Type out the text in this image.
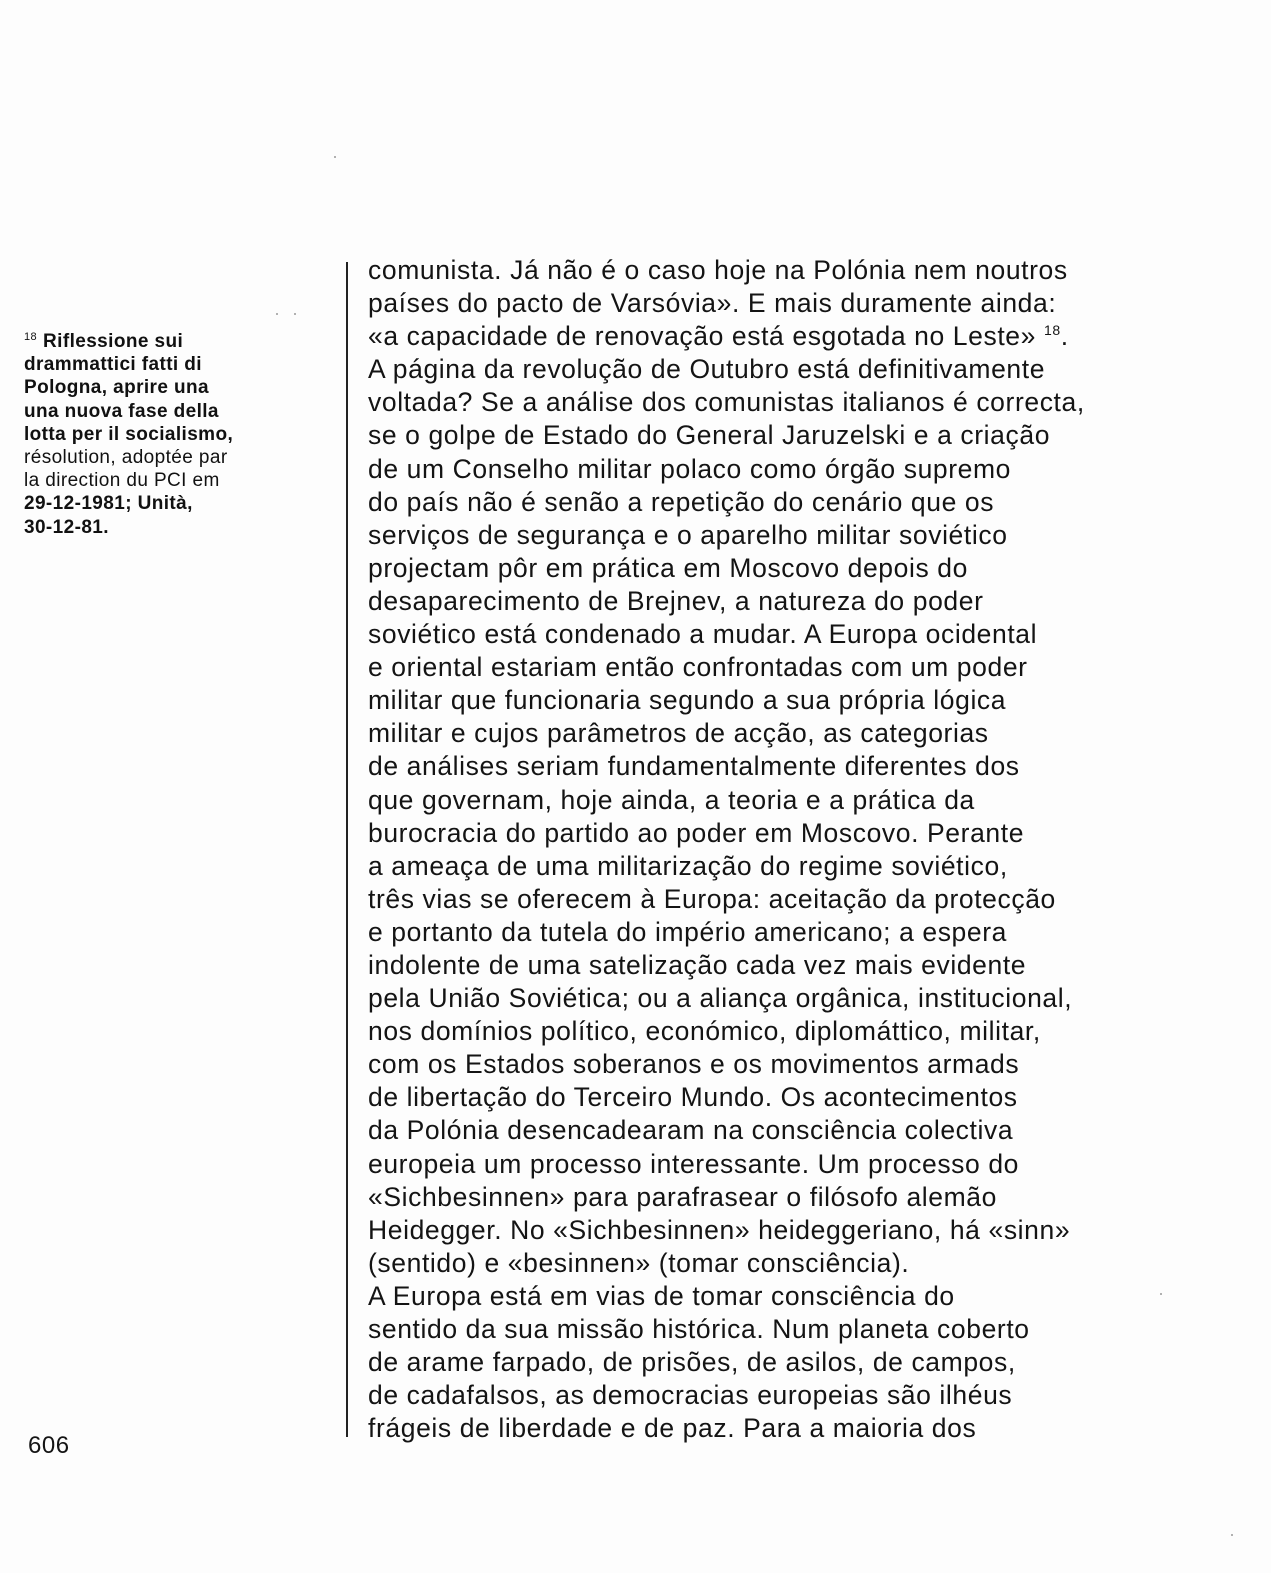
$^{18}$ Riflessione sui
drammattici fatti di
Pologna, aprire una
una nuova fase della
lotta per il socialismo,
résolution, adoptée par
la direction du PCI em
29-12-1981; Unità,
30-12-81.
comunista. Já não é o caso hoje na Polónia nem noutros
países do pacto de Varsóvia». E mais duramente ainda:
«a capacidade de renovação está esgotada no Leste» $^{18}$.
A página da revolução de Outubro está definitivamente
voltada? Se a análise dos comunistas italianos é correcta,
se o golpe de Estado do General Jaruzelski e a criação
de um Conselho militar polaco como órgão supremo
do país não é senão a repetição do cenário que os
serviços de segurança e o aparelho militar soviético
projectam pôr em prática em Moscovo depois do
desaparecimento de Brejnev, a natureza do poder
soviético está condenado a mudar. A Europa ocidental
e oriental estariam então confrontadas com um poder
militar que funcionaria segundo a sua própria lógica
militar e cujos parâmetros de acção, as categorias
de análises seriam fundamentalmente diferentes dos
que governam, hoje ainda, a teoria e a prática da
burocracia do partido ao poder em Moscovo. Perante
a ameaça de uma militarização do regime soviético,
três vias se oferecem à Europa: aceitação da protecção
e portanto da tutela do império americano; a espera
indolente de uma satelização cada vez mais evidente
pela União Soviética; ou a aliança orgânica, institucional,
nos domínios político, económico, diplomáttico, militar,
com os Estados soberanos e os movimentos armads
de libertação do Terceiro Mundo. Os acontecimentos
da Polónia desencadearam na consciência colectiva
europeia um processo interessante. Um processo do
«Sichbesinnen» para parafrasear o filósofo alemão
Heidegger. No «Sichbesinnen» heideggeriano, há «sinn»
(sentido) e «besinnen» (tomar consciência).
A Europa está em vias de tomar consciência do
sentido da sua missão histórica. Num planeta coberto
de arame farpado, de prisões, de asilos, de campos,
de cadafalsos, as democracias europeias são ilhéus
frágeis de liberdade e de paz. Para a maioria dos
606
